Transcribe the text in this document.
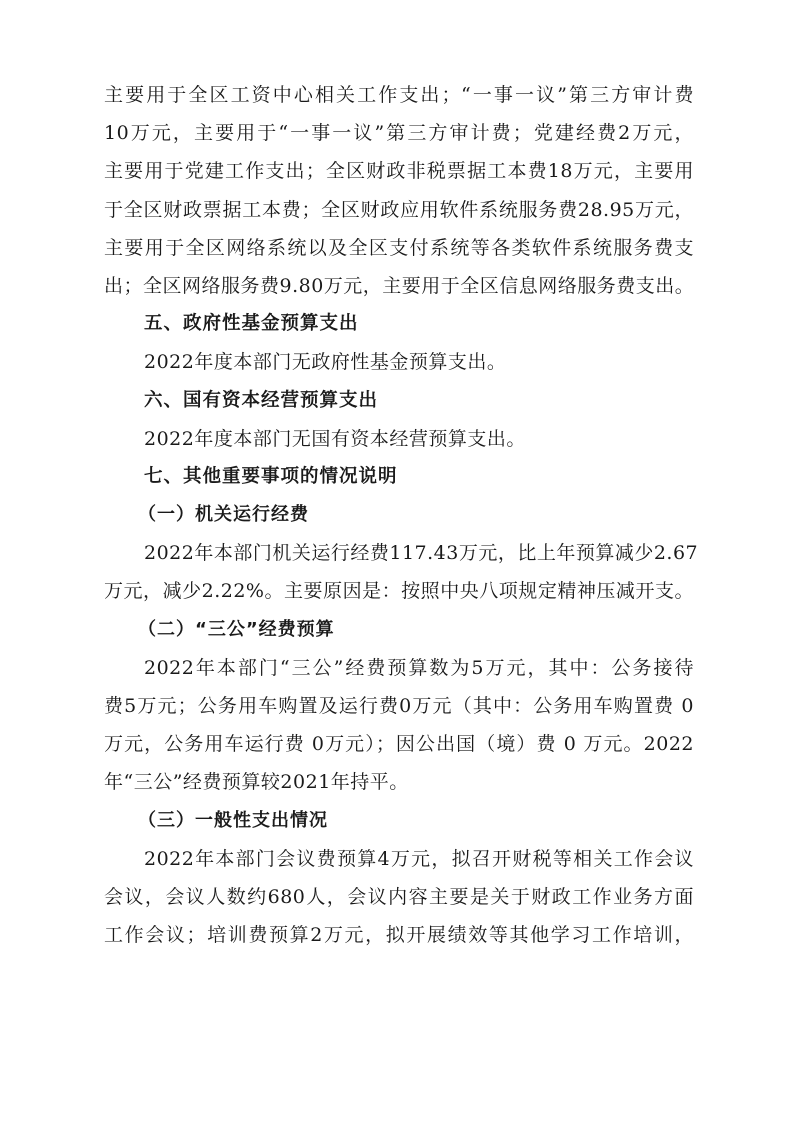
主要用于全区工资中心相关工作支出；“一事一议”第三方审计费
10万元，主要用于“一事一议”第三方审计费；党建经费2万元，
主要用于党建工作支出；全区财政非税票据工本费18万元，主要用
于全区财政票据工本费；全区财政应用软件系统服务费28.95万元，
主要用于全区网络系统以及全区支付系统等各类软件系统服务费支
出；全区网络服务费9.80万元，主要用于全区信息网络服务费支出。
五、政府性基金预算支出
2022年度本部门无政府性基金预算支出。
六、国有资本经营预算支出
2022年度本部门无国有资本经营预算支出。
七、其他重要事项的情况说明
（一）机关运行经费
2022年本部门机关运行经费117.43万元，比上年预算减少2.67
万元，减少2.22%。主要原因是：按照中央八项规定精神压减开支。
（二）“三公”经费预算
2022年本部门“三公”经费预算数为5万元，其中：公务接待
费5万元；公务用车购置及运行费0万元（其中：公务用车购置费 0
万元，公务用车运行费 0万元）；因公出国（境）费 0 万元。2022
年“三公”经费预算较2021年持平。
（三）一般性支出情况
2022年本部门会议费预算4万元，拟召开财税等相关工作会议
会议，会议人数约680人，会议内容主要是关于财政工作业务方面
工作会议；培训费预算2万元，拟开展绩效等其他学习工作培训，
